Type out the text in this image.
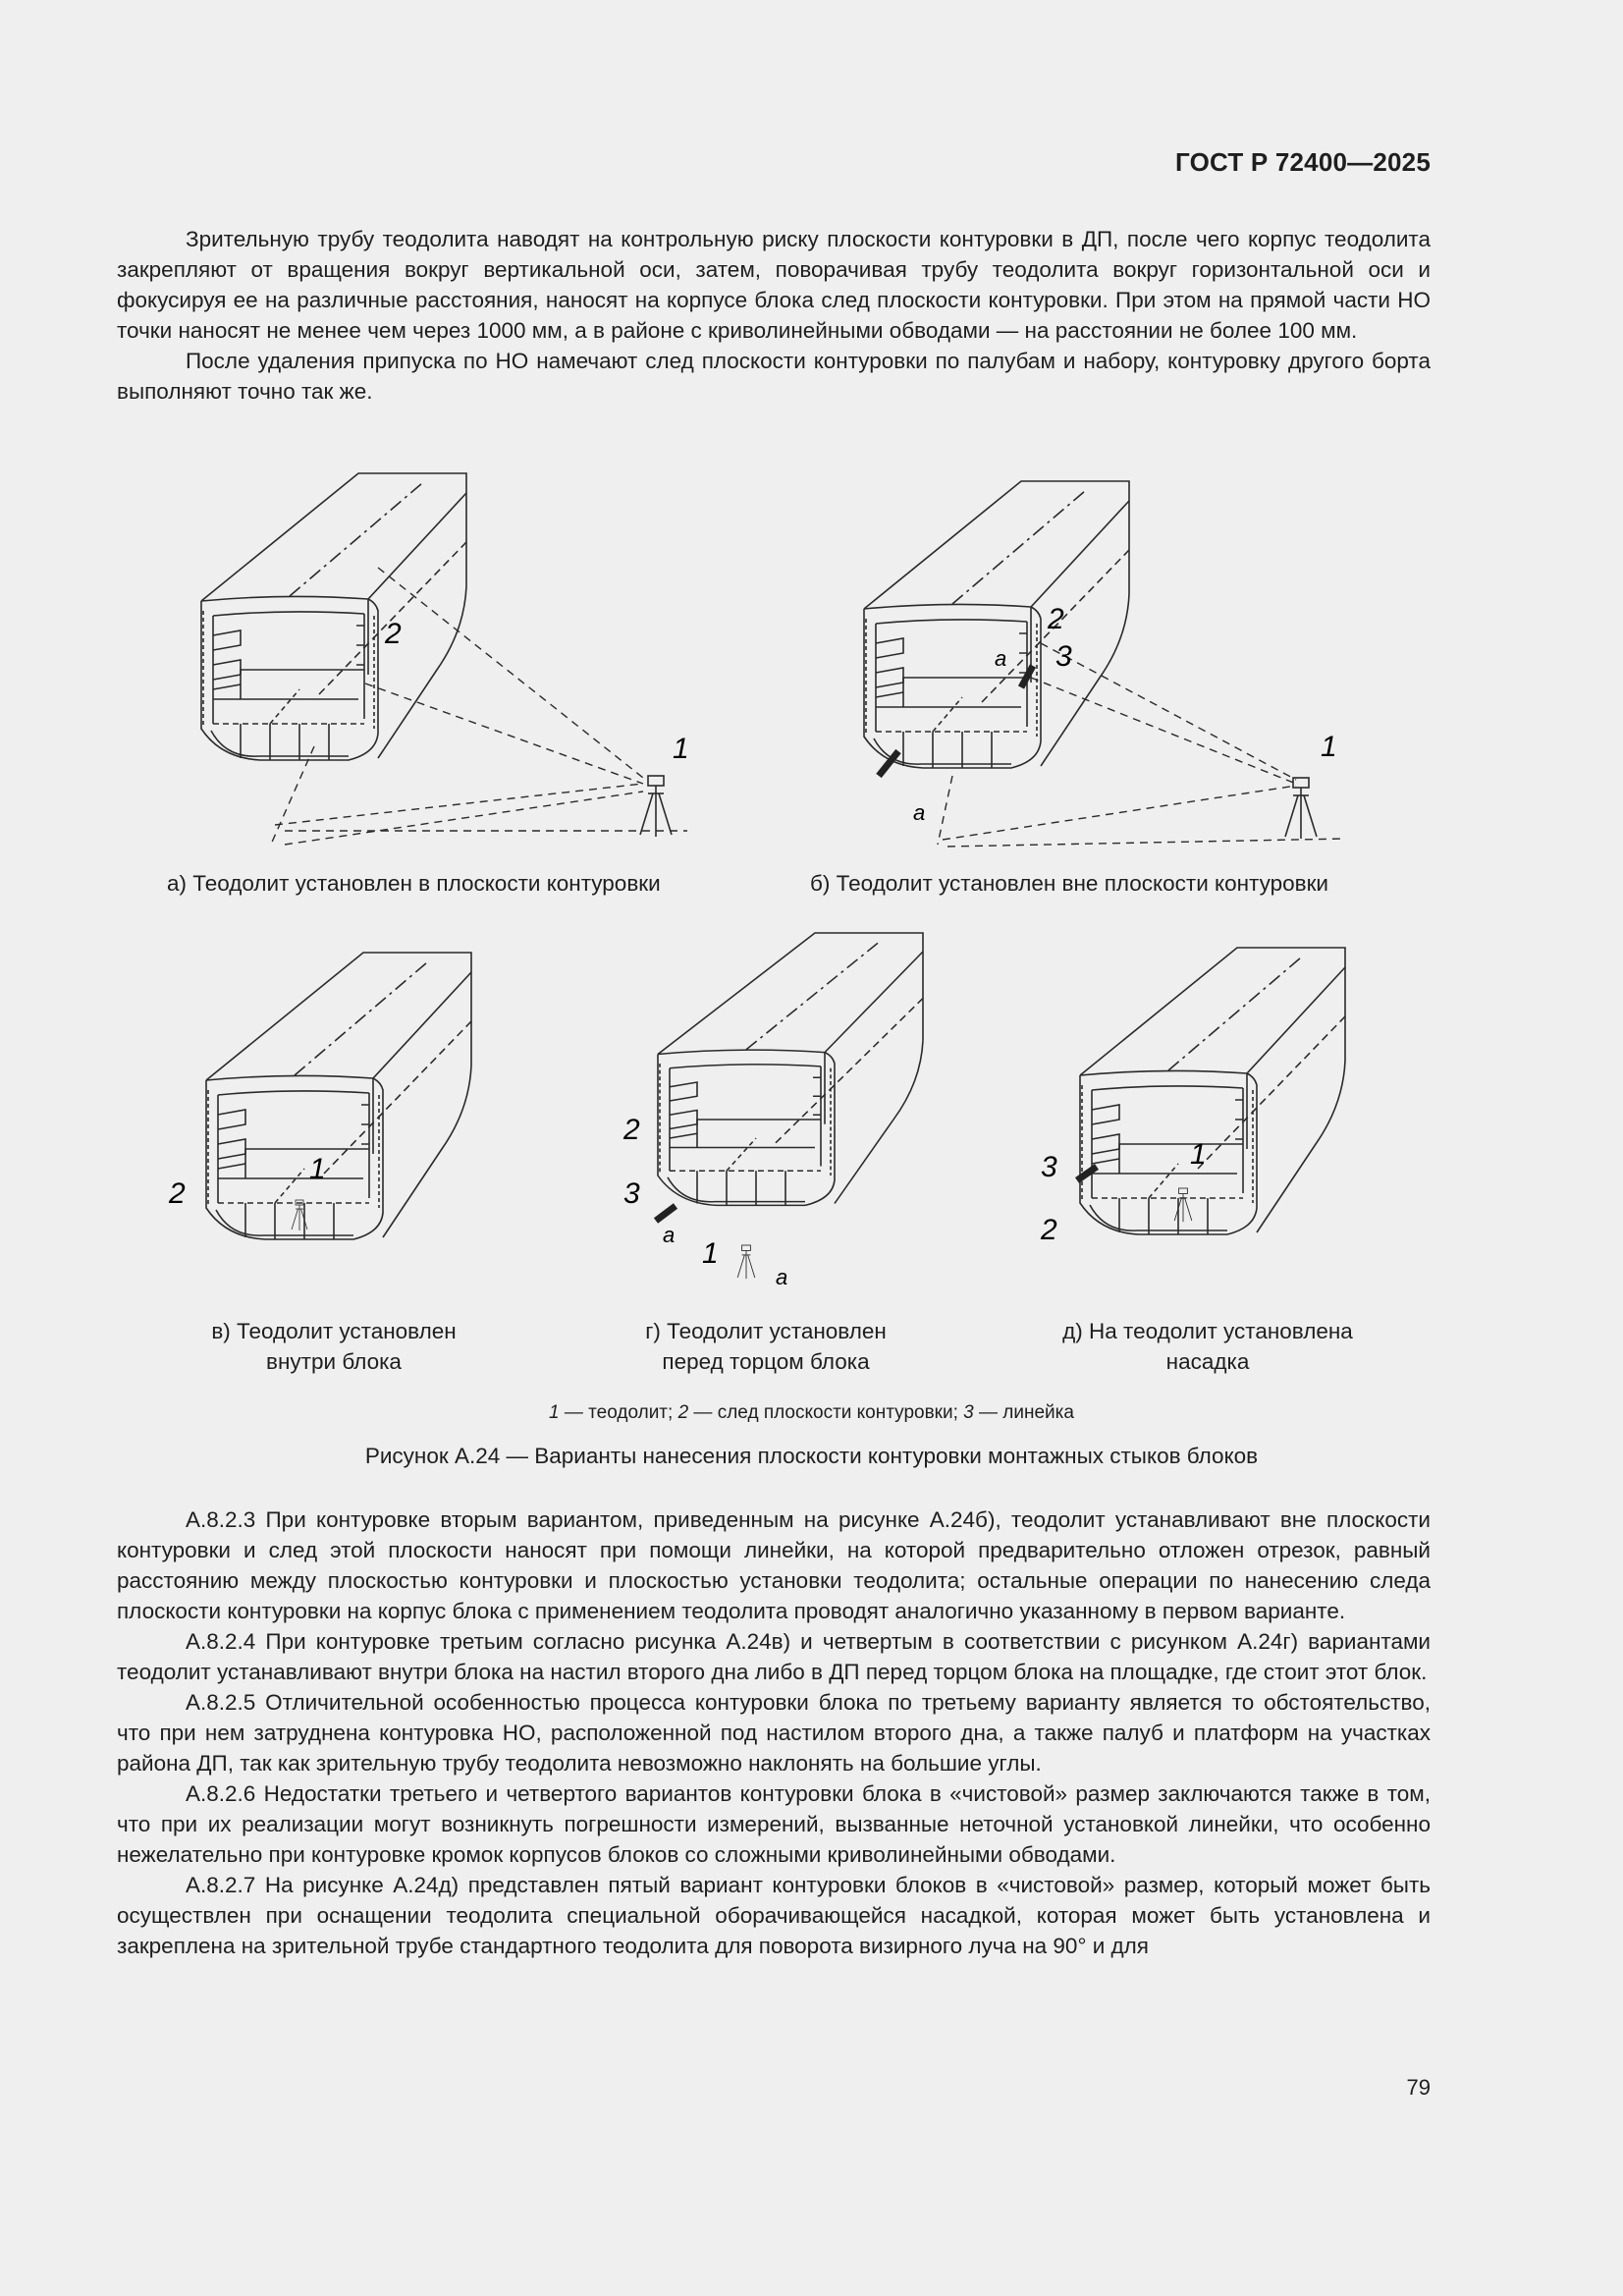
ГОСТ Р 72400—2025

Зрительную трубу теодолита наводят на контрольную риску плоскости контуровки в ДП, после чего корпус теодолита закрепляют от вращения вокруг вертикальной оси, затем, поворачивая трубу теодолита вокруг горизонтальной оси и фокусируя ее на различные расстояния, наносят на корпусе блока след плоскости контуровки. При этом на прямой части НО точки наносят не менее чем через 1000 мм, а в районе с криволинейными обводами — на расстоянии не более 100 мм.

После удаления припуска по НО намечают след плоскости контуровки по палубам и набору, контуровку другого борта выполняют точно так же.

2
1
2
3
а
1
а
2
1
2
3
а
1
а
3	1
2
а) Теодолит установлен в плоскости контуровки	б) Теодолит установлен вне плоскости контуровки
в) Теодолит установлен
внутри блока
г) Теодолит установлен
перед торцом блока
д) На теодолит установлена
насадка
1 — теодолит; 2 — след плоскости контуровки; 3 — линейка
Рисунок А.24 — Варианты нанесения плоскости контуровки монтажных стыков блоков

А.8.2.3 При контуровке вторым вариантом, приведенным на рисунке А.24б), теодолит устанавливают вне плоскости контуровки и след этой плоскости наносят при помощи линейки, на которой предварительно отложен отрезок, равный расстоянию между плоскостью контуровки и плоскостью установки теодолита; остальные операции по нанесению следа плоскости контуровки на корпус блока с применением теодолита проводят аналогично указанному в первом варианте.

А.8.2.4 При контуровке третьим согласно рисунка А.24в) и четвертым в соответствии с рисунком А.24г) вариантами теодолит устанавливают внутри блока на настил второго дна либо в ДП перед торцом блока на площадке, где стоит этот блок.

А.8.2.5 Отличительной особенностью процесса контуровки блока по третьему варианту является то обстоятельство, что при нем затруднена контуровка НО, расположенной под настилом второго дна, а также палуб и платформ на участках района ДП, так как зрительную трубу теодолита невозможно наклонять на большие углы.

А.8.2.6 Недостатки третьего и четвертого вариантов контуровки блока в «чистовой» размер заключаются также в том, что при их реализации могут возникнуть погрешности измерений, вызванные неточной установкой линейки, что особенно нежелательно при контуровке кромок корпусов блоков со сложными криволинейными обводами.

А.8.2.7 На рисунке А.24д) представлен пятый вариант контуровки блоков в «чистовой» размер, который может быть осуществлен при оснащении теодолита специальной оборачивающейся насадкой, которая может быть установлена и закреплена на зрительной трубе стандартного теодолита для поворота визирного луча на 90° и для

79
